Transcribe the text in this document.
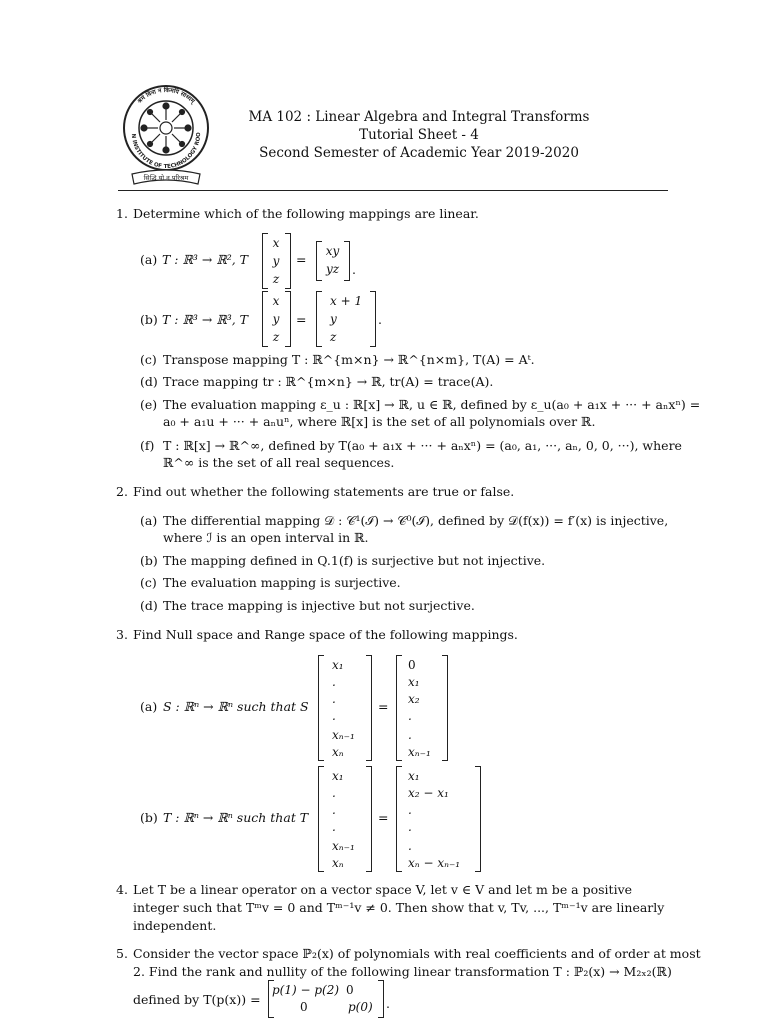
श्रमं विना न किमपि साध्यम्
N INSTITUTE OF TECHNOLOGY ROO
सिद्धि यो न परिश्रम
MA 102 : Linear Algebra and Integral Transforms
Tutorial Sheet - 4
Second Semester of Academic Year 2019-2020
1. Determine which of the following mappings are linear.
(a) T : ℝ³ → ℝ², T
x
y
z
=
xy
yz	.
(b) T : ℝ³ → ℝ³, T
x
y
z
=
x + 1
y
z
.
(c) Transpose mapping T : ℝ^{m×n} → ℝ^{n×m}, T(A) = Aᵗ.
(d) Trace mapping tr : ℝ^{m×n} → ℝ, tr(A) = trace(A).
(e) The evaluation mapping ε_u : ℝ[x] → ℝ, u ∈ ℝ, defined by ε_u(a₀ + a₁x + ··· + aₙxⁿ) =
a₀ + a₁u + ··· + aₙuⁿ, where ℝ[x] is the set of all polynomials over ℝ.
(f) T : ℝ[x] → ℝ^∞, defined by T(a₀ + a₁x + ··· + aₙxⁿ) = (a₀, a₁, ···, aₙ, 0, 0, ···), where
ℝ^∞ is the set of all real sequences.
2. Find out whether the following statements are true or false.
(a) The differential mapping 𝒟 : 𝒞¹(ℐ) → 𝒞⁰(ℐ), defined by 𝒟(f(x)) = f′(x) is injective,
where ℐ is an open interval in ℝ.
(b) The mapping defined in Q.1(f) is surjective but not injective.
(c) The evaluation mapping is surjective.
(d) The trace mapping is injective but not surjective.
3. Find Null space and Range space of the following mappings.
(a) S : ℝⁿ → ℝⁿ such that S
x₁
.
.
.
xₙ₋₁
xₙ
=
0
x₁
x₂
.
.
xₙ₋₁
(b) T : ℝⁿ → ℝⁿ such that T
x₁
.
.
.
xₙ₋₁
xₙ
=
x₁
x₂ − x₁
.
.
.
xₙ − xₙ₋₁
4. Let T be a linear operator on a vector space V, let v ∈ V and let m be a positive
integer such that Tᵐv = 0 and Tᵐ⁻¹v ≠ 0. Then show that v, Tv, ..., Tᵐ⁻¹v are linearly
independent.
5. Consider the vector space ℙ₂(x) of polynomials with real coefficients and of order at most
2. Find the rank and nullity of the following linear transformation T : ℙ₂(x) → M₂ₓ₂(ℝ)
defined by T(p(x)) =
p(1) − p(2) 0
0	p(0) .
